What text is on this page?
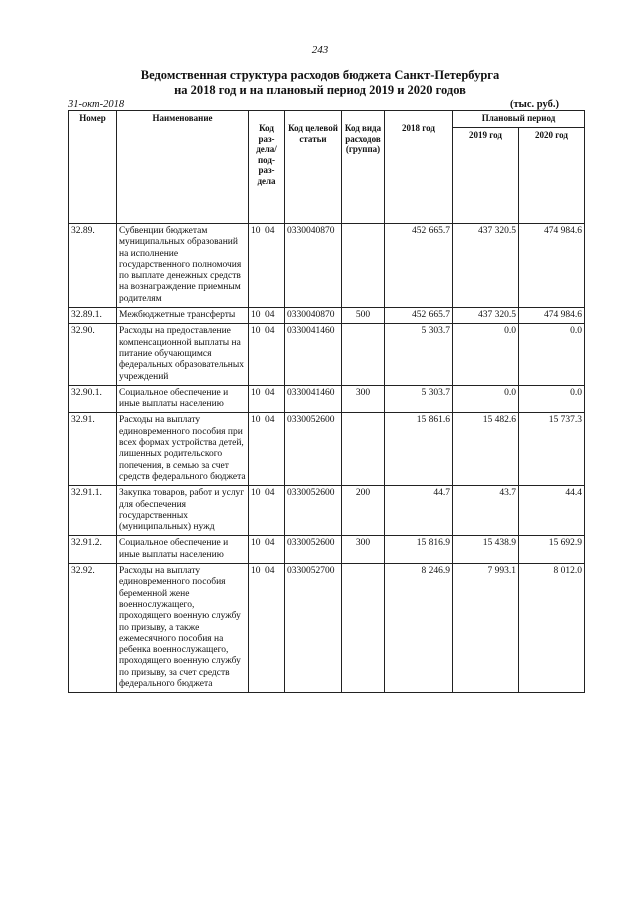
243
Ведомственная структура расходов бюджета Санкт-Петербурга
на 2018 год и на плановый период 2019 и 2020 годов
31-окт-2018	(тыс. руб.)
Номер	Наименование	Код раз-дела/ под-раз-дела	Код целевой статьи	Код вида расходов (группа)	2018 год	Плановый период	
						2019 год	2020 год
32.89.	Субвенции бюджетам муниципальных образований на исполнение государственного полномочия по выплате денежных средств на вознаграждение приемным родителям	10 04	0330040870		452 665.7	437 320.5	474 984.6
32.89.1.	Межбюджетные трансферты	10 04	0330040870	500	452 665.7	437 320.5	474 984.6
32.90.	Расходы на предоставление компенсационной выплаты на питание обучающимся федеральных образовательных учреждений	10 04	0330041460		5 303.7	0.0	0.0
32.90.1.	Социальное обеспечение и иные выплаты населению	10 04	0330041460	300	5 303.7	0.0	0.0
32.91.	Расходы на выплату единовременного пособия при всех формах устройства детей, лишенных родительского попечения, в семью за счет средств федерального бюджета	10 04	0330052600		15 861.6	15 482.6	15 737.3
32.91.1.	Закупка товаров, работ и услуг для обеспечения государственных (муниципальных) нужд	10 04	0330052600	200	44.7	43.7	44.4
32.91.2.	Социальное обеспечение и иные выплаты населению	10 04	0330052600	300	15 816.9	15 438.9	15 692.9
32.92.	Расходы на выплату единовременного пособия беременной жене военнослужащего, проходящего военную службу по призыву, а также ежемесячного пособия на ребенка военнослужащего, проходящего военную службу по призыву, за счет средств федерального бюджета	10 04	0330052700		8 246.9	7 993.1	8 012.0
